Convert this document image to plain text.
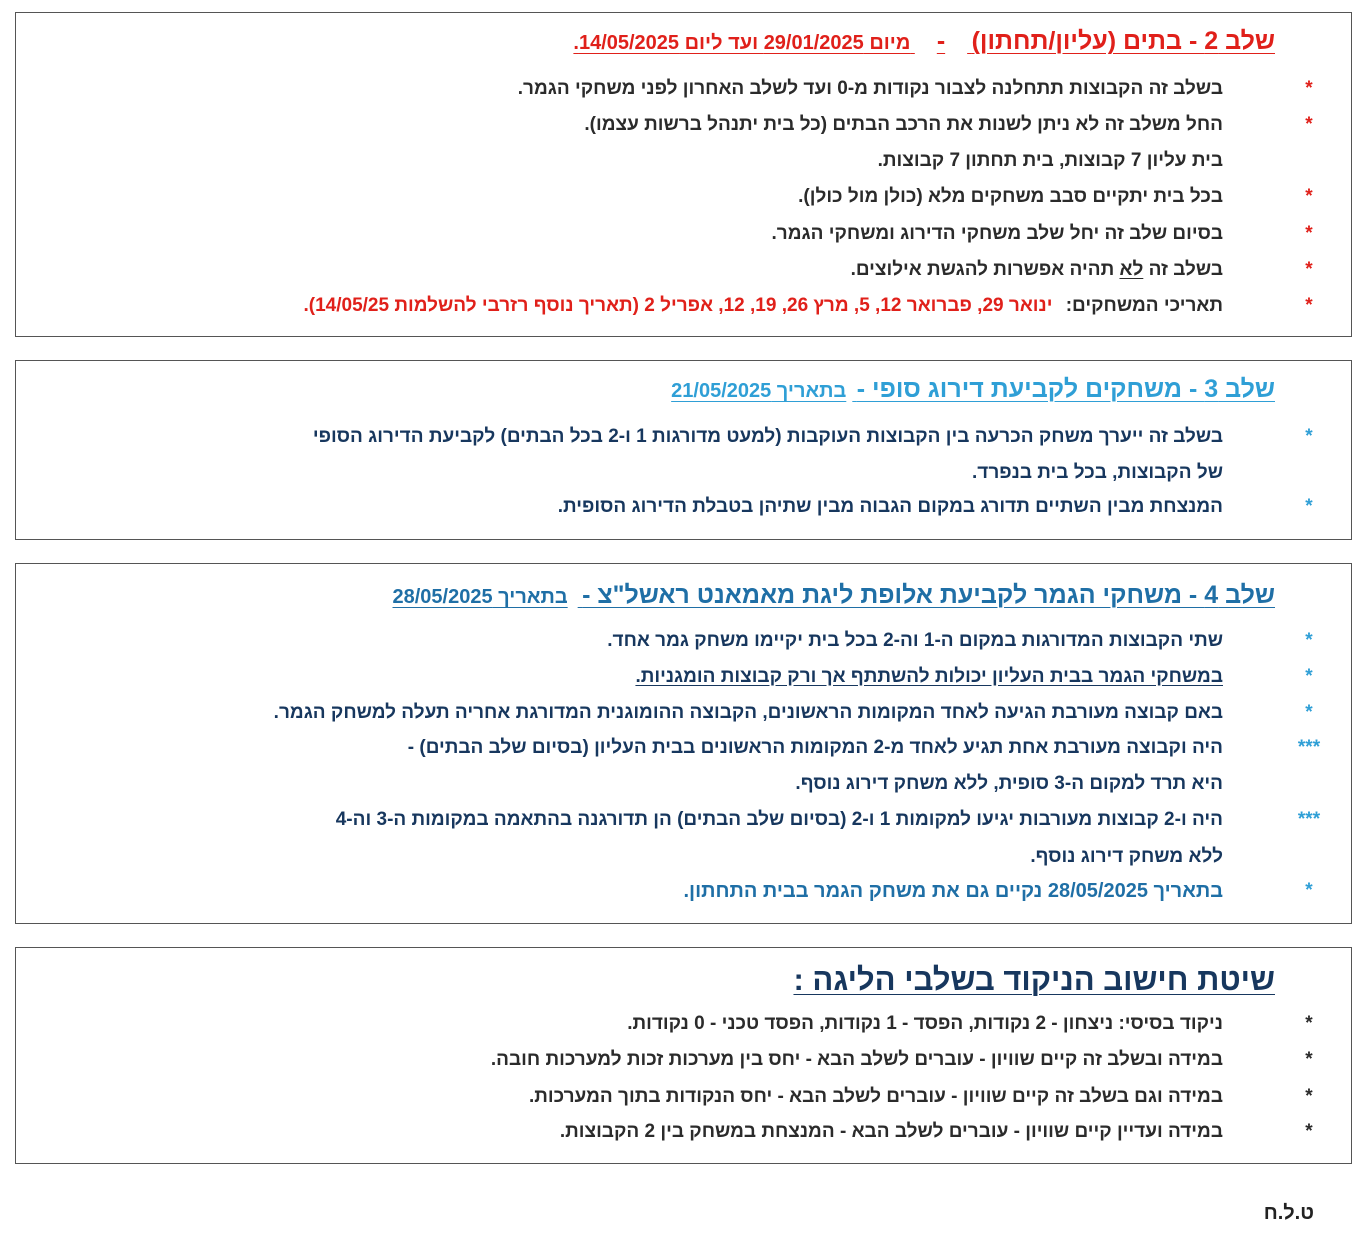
שלב 2 - בתים (עליון/תחתון) - מיום 29/01/2025 ועד ליום 14/05/2025.
*
בשלב זה הקבוצות תתחלנה לצבור נקודות מ-0 ועד לשלב האחרון לפני משחקי הגמר.
*
החל משלב זה לא ניתן לשנות את הרכב הבתים (כל בית יתנהל ברשות עצמו).
בית עליון 7 קבוצות, בית תחתון 7 קבוצות.
*
בכל בית יתקיים סבב משחקים מלא (כולן מול כולן).
*
בסיום שלב זה יחל שלב משחקי הדירוג ומשחקי הגמר.
*
בשלב זה לא תהיה אפשרות להגשת אילוצים.
*
תאריכי המשחקים: ינואר 29, פברואר 12, 5, מרץ 26, 19, 12, אפריל 2 (תאריך נוסף רזרבי להשלמות 14/05/25).
שלב 3 - משחקים לקביעת דירוג סופי - בתאריך 21/05/2025
*
בשלב זה ייערך משחק הכרעה בין הקבוצות העוקבות (למעט מדורגות 1 ו-2 בכל הבתים) לקביעת הדירוג הסופי
של הקבוצות, בכל בית בנפרד.
*
המנצחת מבין השתיים תדורג במקום הגבוה מבין שתיהן בטבלת הדירוג הסופית.
שלב 4 - משחקי הגמר לקביעת אלופת ליגת מאמאנט ראשל"צ - בתאריך 28/05/2025
*
שתי הקבוצות המדורגות במקום ה-1 וה-2 בכל בית יקיימו משחק גמר אחד.
*
במשחקי הגמר בבית העליון יכולות להשתתף אך ורק קבוצות הומגניות.
*
באם קבוצה מעורבת הגיעה לאחד המקומות הראשונים, הקבוצה ההומוגנית המדורגת אחריה תעלה למשחק הגמר.
***
היה וקבוצה מעורבת אחת תגיע לאחד מ-2 המקומות הראשונים בבית העליון (בסיום שלב הבתים) -
היא תרד למקום ה-3 סופית, ללא משחק דירוג נוסף.
***
היה ו-2 קבוצות מעורבות יגיעו למקומות 1 ו-2 (בסיום שלב הבתים) הן תדורגנה בהתאמה במקומות ה-3 וה-4
ללא משחק דירוג נוסף.
*
בתאריך 28/05/2025 נקיים גם את משחק הגמר בבית התחתון.
שיטת חישוב הניקוד בשלבי הליגה :
*
ניקוד בסיסי: ניצחון - 2 נקודות, הפסד - 1 נקודות, הפסד טכני - 0 נקודות.
*
במידה ובשלב זה קיים שוויון - עוברים לשלב הבא - יחס בין מערכות זכות למערכות חובה.
*
במידה וגם בשלב זה קיים שוויון - עוברים לשלב הבא - יחס הנקודות בתוך המערכות.
*
במידה ועדיין קיים שוויון - עוברים לשלב הבא - המנצחת במשחק בין 2 הקבוצות.
ט.ל.ח
